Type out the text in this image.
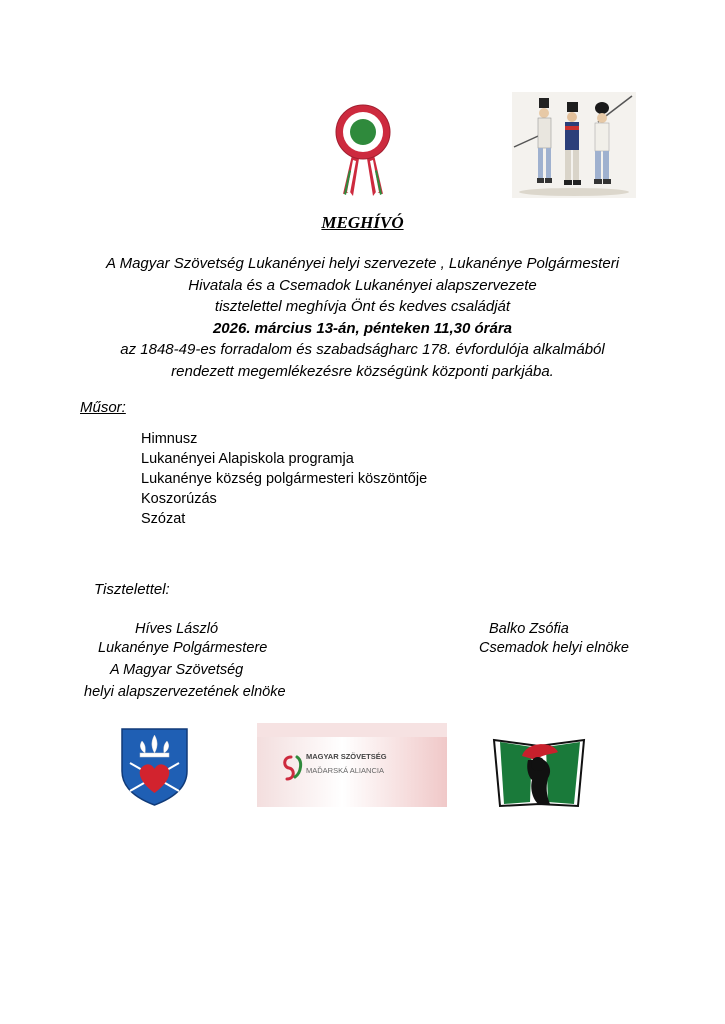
MEGHÍVÓ
A Magyar Szövetség Lukanényei helyi szervezete , Lukanénye Polgármesteri
Hivatala és a Csemadok Lukanényei alapszervezete
tisztelettel meghívja Önt és kedves családját
2026. március 13-án, pénteken 11,30 órára
az 1848-49-es forradalom és szabadságharc 178. évfordulója alkalmából
rendezett megemlékezésre községünk központi parkjába.
Műsor:
Himnusz
Lukanényei Alapiskola programja
Lukanénye község polgármesteri köszöntője
Koszorúzás
Szózat
Tisztelettel:
Híves László
Lukanénye Polgármestere
A Magyar Szövetség
helyi alapszervezetének elnöke
Balko Zsófia
Csemadok helyi elnöke
MAGYAR SZÖVETSÉG
MAĎARSKÁ ALIANCIA
